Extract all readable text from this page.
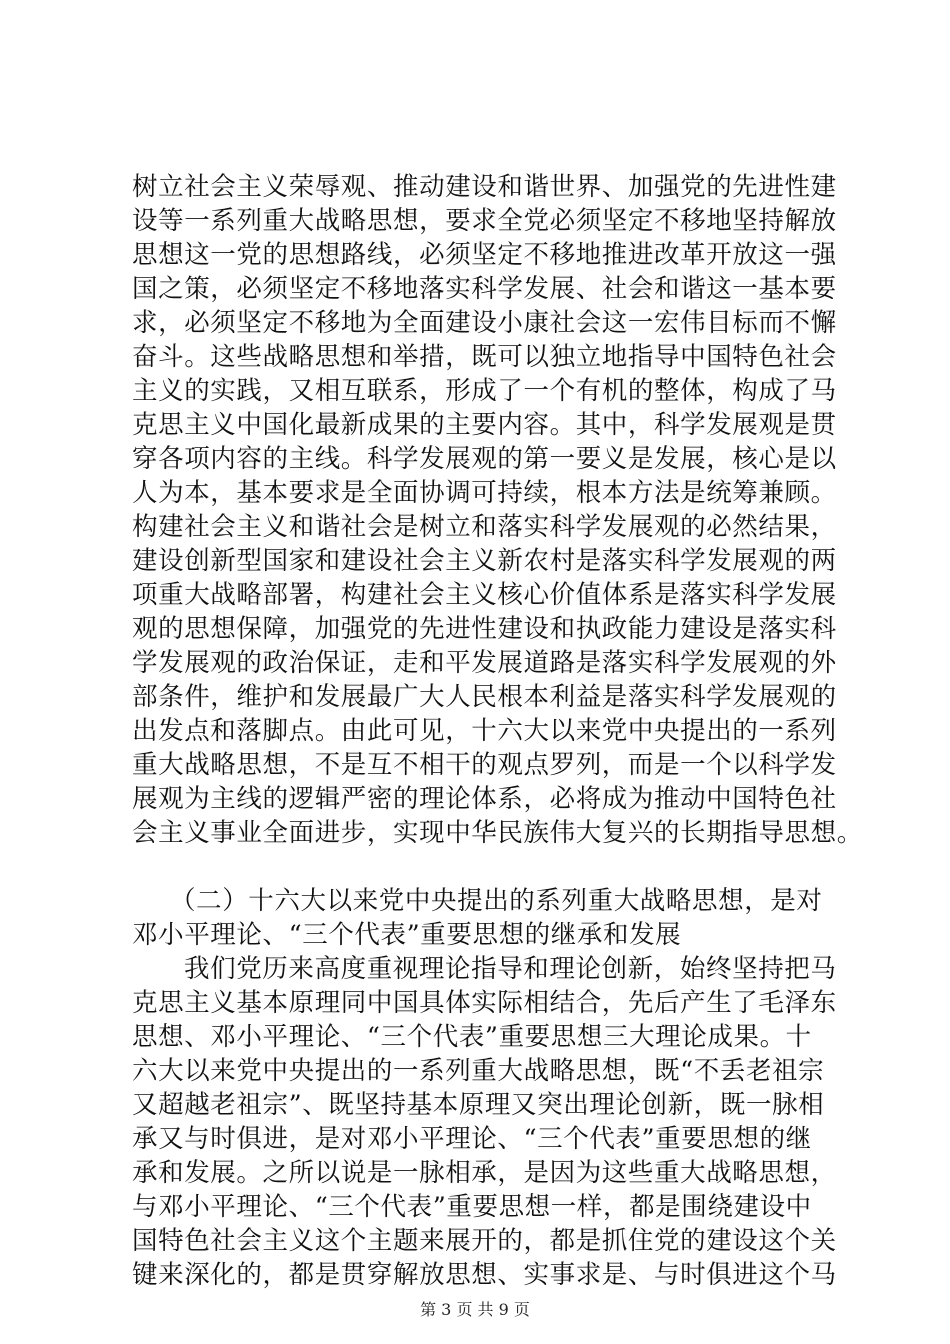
树立社会主义荣辱观、推动建设和谐世界、加强党的先进性建
设等一系列重大战略思想，要求全党必须坚定不移地坚持解放
思想这一党的思想路线，必须坚定不移地推进改革开放这一强
国之策，必须坚定不移地落实科学发展、社会和谐这一基本要
求，必须坚定不移地为全面建设小康社会这一宏伟目标而不懈
奋斗。这些战略思想和举措，既可以独立地指导中国特色社会
主义的实践，又相互联系，形成了一个有机的整体，构成了马
克思主义中国化最新成果的主要内容。其中，科学发展观是贯
穿各项内容的主线。科学发展观的第一要义是发展，核心是以
人为本，基本要求是全面协调可持续，根本方法是统筹兼顾。
构建社会主义和谐社会是树立和落实科学发展观的必然结果，
建设创新型国家和建设社会主义新农村是落实科学发展观的两
项重大战略部署，构建社会主义核心价值体系是落实科学发展
观的思想保障，加强党的先进性建设和执政能力建设是落实科
学发展观的政治保证，走和平发展道路是落实科学发展观的外
部条件，维护和发展最广大人民根本利益是落实科学发展观的
出发点和落脚点。由此可见，十六大以来党中央提出的一系列
重大战略思想，不是互不相干的观点罗列，而是一个以科学发
展观为主线的逻辑严密的理论体系，必将成为推动中国特色社
会主义事业全面进步，实现中华民族伟大复兴的长期指导思想。
（二）十六大以来党中央提出的系列重大战略思想，是对
邓小平理论、“三个代表”重要思想的继承和发展
我们党历来高度重视理论指导和理论创新，始终坚持把马
克思主义基本原理同中国具体实际相结合，先后产生了毛泽东
思想、邓小平理论、“三个代表”重要思想三大理论成果。十
六大以来党中央提出的一系列重大战略思想，既“不丢老祖宗
又超越老祖宗”、既坚持基本原理又突出理论创新，既一脉相
承又与时俱进，是对邓小平理论、“三个代表”重要思想的继
承和发展。之所以说是一脉相承，是因为这些重大战略思想，
与邓小平理论、“三个代表”重要思想一样，都是围绕建设中
国特色社会主义这个主题来展开的，都是抓住党的建设这个关
键来深化的，都是贯穿解放思想、实事求是、与时俱进这个马
第 3 页 共 9 页
